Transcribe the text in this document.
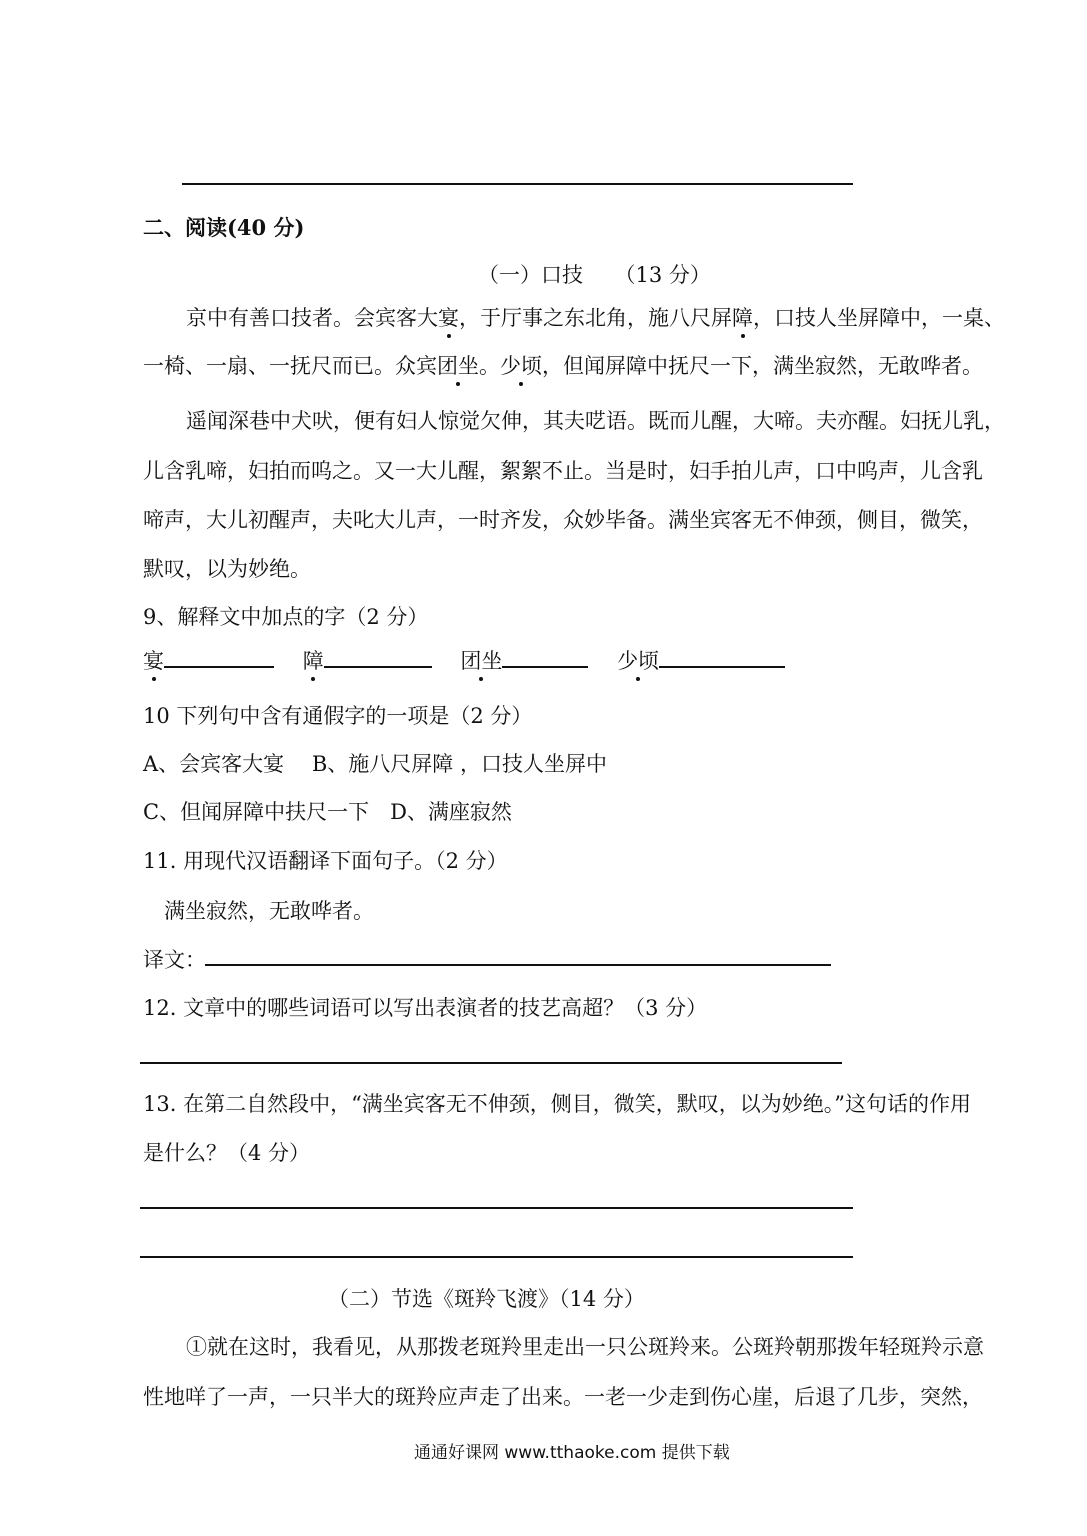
二、阅读(40 分)
（一）口技　　（13 分）
京中有善口技者。会宾客大宴，于厅事之东北角，施八尺屏障，口技人坐屏障中，一桌、
一椅、一扇、一抚尺而已。众宾团坐。少顷，但闻屏障中抚尺一下，满坐寂然，无敢哗者。
遥闻深巷中犬吠，便有妇人惊觉欠伸，其夫呓语。既而儿醒，大啼。夫亦醒。妇抚儿乳，
儿含乳啼，妇拍而呜之。又一大儿醒，絮絮不止。当是时，妇手拍儿声，口中呜声，儿含乳
啼声，大儿初醒声，夫叱大儿声，一时齐发，众妙毕备。满坐宾客无不伸颈，侧目，微笑，
默叹，以为妙绝。
9、解释文中加点的字（2 分）
宴	障	团坐	少顷
10 下列句中含有通假字的一项是（2 分）
A、会宾客大宴　 B、施八尺屏障 ，口技人坐屏中
C、但闻屏障中扶尺一下　D、满座寂然
11. 用现代汉语翻译下面句子。（2 分）
满坐寂然，无敢哗者。
译文：
12. 文章中的哪些词语可以写出表演者的技艺高超？（3 分）
13. 在第二自然段中，“满坐宾客无不伸颈，侧目，微笑，默叹，以为妙绝。”这句话的作用
是什么？（4 分）
（二）节选《斑羚飞渡》（14 分）
①就在这时，我看见，从那拨老斑羚里走出一只公斑羚来。公斑羚朝那拨年轻斑羚示意
性地咩了一声，一只半大的斑羚应声走了出来。一老一少走到伤心崖，后退了几步，突然，
通通好课网 www.tthaoke.com 提供下载
